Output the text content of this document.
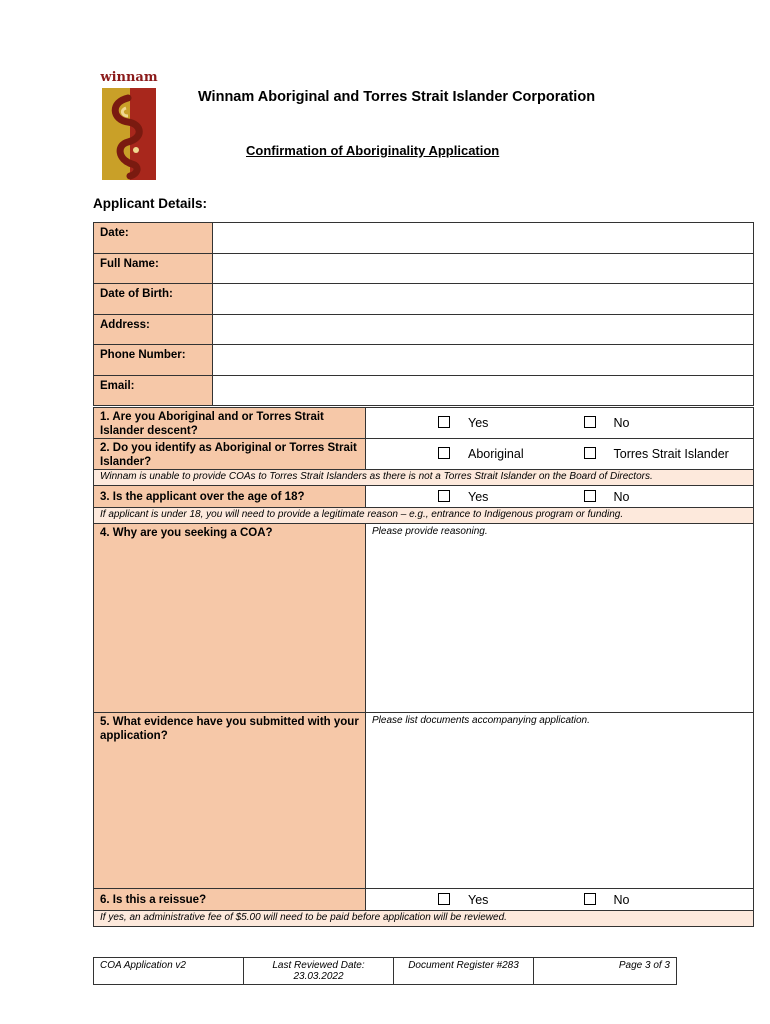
winnam
Winnam Aboriginal and Torres Strait Islander Corporation
Confirmation of Aboriginality Application
Applicant Details:
Date:	
Full Name:	
Date of Birth:	
Address:	
Phone Number:	
Email:	
1. Are you Aboriginal and or Torres Strait Islander descent?	Yes	No
2. Do you identify as Aboriginal or Torres Strait Islander?	Aboriginal	Torres Strait Islander
Winnam is unable to provide COAs to Torres Strait Islanders as there is not a Torres Strait Islander on the Board of Directors.		
3. Is the applicant over the age of 18?	Yes	No
If applicant is under 18, you will need to provide a legitimate reason – e.g., entrance to Indigenous program or funding.		
4. Why are you seeking a COA?	Please provide reasoning.	
5. What evidence have you submitted with your application?	Please list documents accompanying application.	
6. Is this a reissue?	Yes	No
If yes, an administrative fee of $5.00 will need to be paid before application will be reviewed.		
COA Application v2	Last Reviewed Date: 23.03.2022	Document Register #283	Page 3 of 3
